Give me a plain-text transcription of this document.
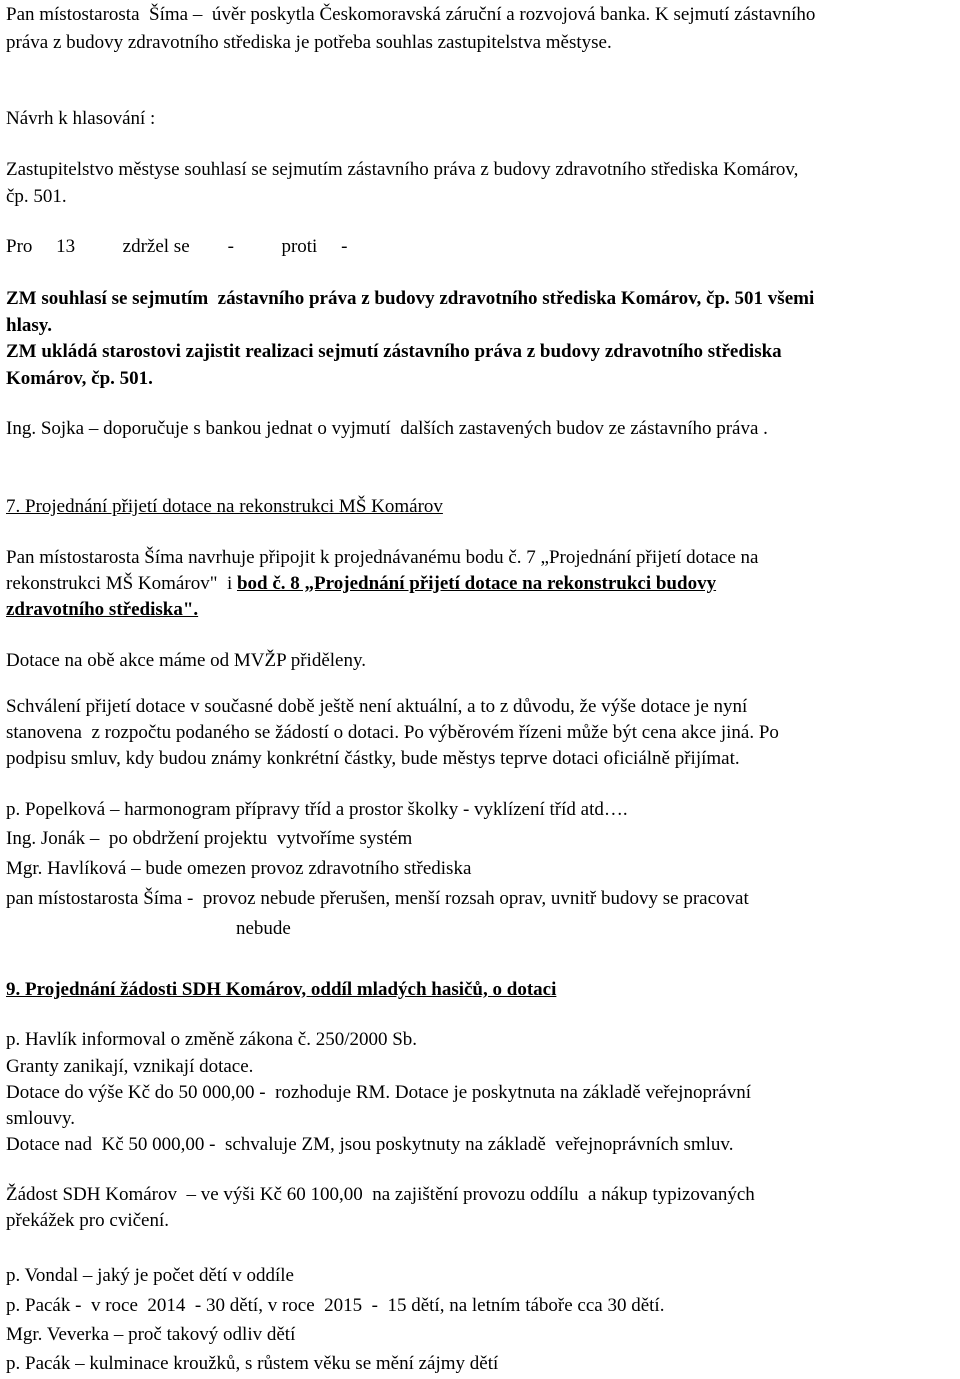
Pan místostarosta  Šíma –  úvěr poskytla Českomoravská záruční a rozvojová banka. K sejmutí zástavního
práva z budovy zdravotního střediska je potřeba souhlas zastupitelstva městyse.
Návrh k hlasování :
Zastupitelstvo městyse souhlasí se sejmutím zástavního práva z budovy zdravotního střediska Komárov,
čp. 501.
Pro     13          zdržel se        -          proti     -
ZM souhlasí se sejmutím  zástavního práva z budovy zdravotního střediska Komárov, čp. 501 všemi
hlasy.
ZM ukládá starostovi zajistit realizaci sejmutí zástavního práva z budovy zdravotního střediska
Komárov, čp. 501.
Ing. Sojka – doporučuje s bankou jednat o vyjmutí  dalších zastavených budov ze zástavního práva .
7. Projednání přijetí dotace na rekonstrukci MŠ Komárov
Pan místostarosta Šíma navrhuje připojit k projednávanému bodu č. 7 „Projednání přijetí dotace na
rekonstrukci MŠ Komárov"  i bod č. 8 „Projednání přijetí dotace na rekonstrukci budovy
zdravotního střediska".
Dotace na obě akce máme od MVŽP přiděleny.
Schválení přijetí dotace v současné době ještě není aktuální, a to z důvodu, že výše dotace je nyní
stanovena  z rozpočtu podaného se žádostí o dotaci. Po výběrovém řízeni může být cena akce jiná. Po
podpisu smluv, kdy budou známy konkrétní částky, bude městys teprve dotaci oficiálně přijímat.
p. Popelková – harmonogram přípravy tříd a prostor školky - vyklízení tříd atd….
Ing. Jonák –  po obdržení projektu  vytvoříme systém
Mgr. Havlíková – bude omezen provoz zdravotního střediska
pan místostarosta Šíma -  provoz nebude přerušen, menší rozsah oprav, uvnitř budovy se pracovat
nebude
9. Projednání žádosti SDH Komárov, oddíl mladých hasičů, o dotaci
p. Havlík informoval o změně zákona č. 250/2000 Sb.
Granty zanikají, vznikají dotace.
Dotace do výše Kč do 50 000,00 -  rozhoduje RM. Dotace je poskytnuta na základě veřejnoprávní
smlouvy.
Dotace nad  Kč 50 000,00 -  schvaluje ZM, jsou poskytnuty na základě  veřejnoprávních smluv.
Žádost SDH Komárov  – ve výši Kč 60 100,00  na zajištění provozu oddílu  a nákup typizovaných
překážek pro cvičení.
p. Vondal – jaký je počet dětí v oddíle
p. Pacák -  v roce  2014  - 30 dětí, v roce  2015  -  15 dětí, na letním táboře cca 30 dětí.
Mgr. Veverka – proč takový odliv dětí
p. Pacák – kulminace kroužků, s růstem věku se mění zájmy dětí
